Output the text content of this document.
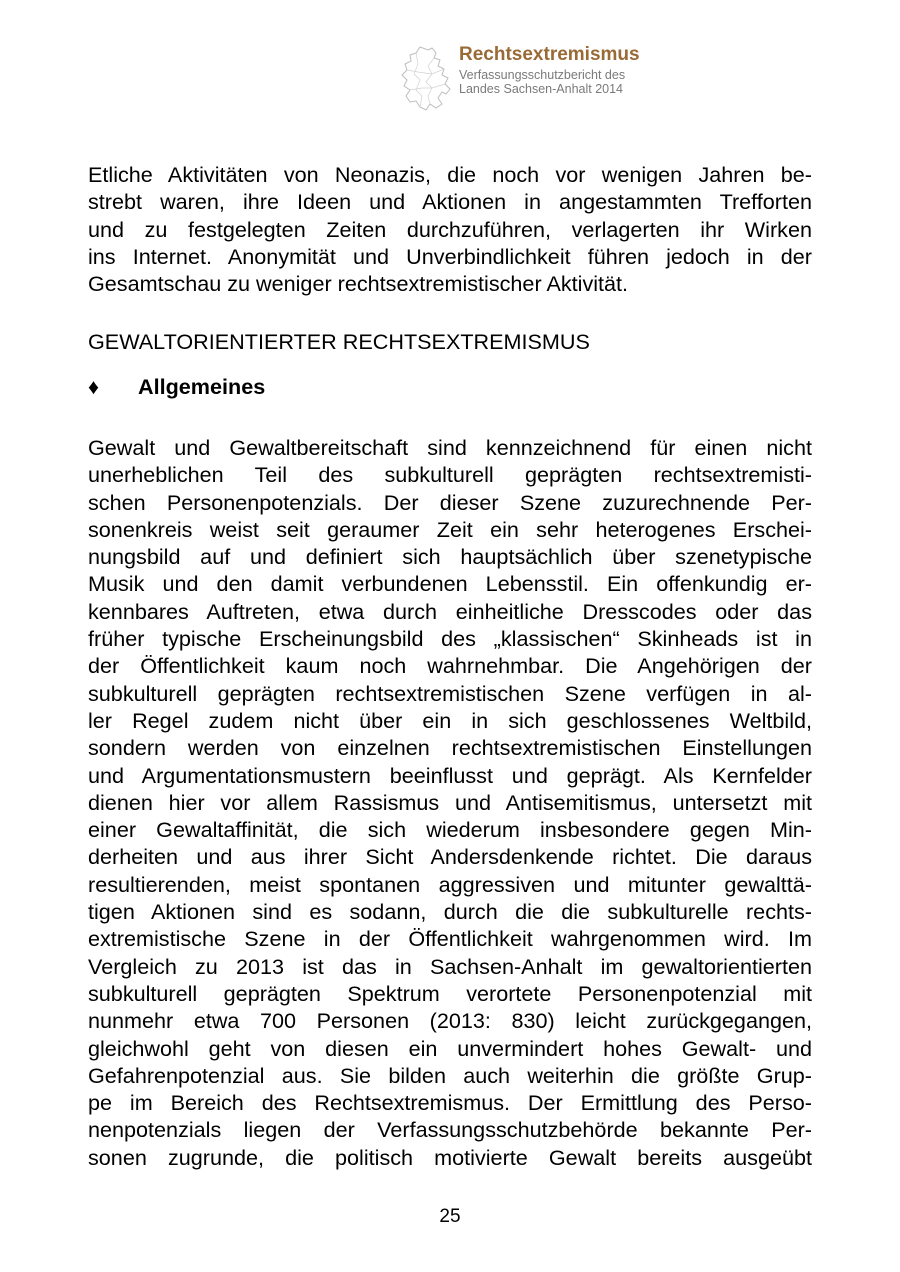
Rechtsextremismus
Verfassungsschutzbericht des
Landes Sachsen-Anhalt 2014
Etliche Aktivitäten von Neonazis, die noch vor wenigen Jahren be-
strebt waren, ihre Ideen und Aktionen in angestammten Trefforten
und zu festgelegten Zeiten durchzuführen, verlagerten ihr Wirken
ins Internet. Anonymität und Unverbindlichkeit führen jedoch in der
Gesamtschau zu weniger rechtsextremistischer Aktivität.
GEWALTORIENTIERTER RECHTSEXTREMISMUS
♦ Allgemeines
Gewalt und Gewaltbereitschaft sind kennzeichnend für einen nicht
unerheblichen Teil des subkulturell geprägten rechtsextremisti-
schen Personenpotenzials. Der dieser Szene zuzurechnende Per-
sonenkreis weist seit geraumer Zeit ein sehr heterogenes Erschei-
nungsbild auf und definiert sich hauptsächlich über szenetypische
Musik und den damit verbundenen Lebensstil. Ein offenkundig er-
kennbares Auftreten, etwa durch einheitliche Dresscodes oder das
früher typische Erscheinungsbild des „klassischen“ Skinheads ist in
der Öffentlichkeit kaum noch wahrnehmbar. Die Angehörigen der
subkulturell geprägten rechtsextremistischen Szene verfügen in al-
ler Regel zudem nicht über ein in sich geschlossenes Weltbild,
sondern werden von einzelnen rechtsextremistischen Einstellungen
und Argumentationsmustern beeinflusst und geprägt. Als Kernfelder
dienen hier vor allem Rassismus und Antisemitismus, untersetzt mit
einer Gewaltaffinität, die sich wiederum insbesondere gegen Min-
derheiten und aus ihrer Sicht Andersdenkende richtet. Die daraus
resultierenden, meist spontanen aggressiven und mitunter gewalttä-
tigen Aktionen sind es sodann, durch die die subkulturelle rechts-
extremistische Szene in der Öffentlichkeit wahrgenommen wird. Im
Vergleich zu 2013 ist das in Sachsen-Anhalt im gewaltorientierten
subkulturell geprägten Spektrum verortete Personenpotenzial mit
nunmehr etwa 700 Personen (2013: 830) leicht zurückgegangen,
gleichwohl geht von diesen ein unvermindert hohes Gewalt- und
Gefahrenpotenzial aus. Sie bilden auch weiterhin die größte Grup-
pe im Bereich des Rechtsextremismus. Der Ermittlung des Perso-
nenpotenzials liegen der Verfassungsschutzbehörde bekannte Per-
sonen zugrunde, die politisch motivierte Gewalt bereits ausgeübt
25
